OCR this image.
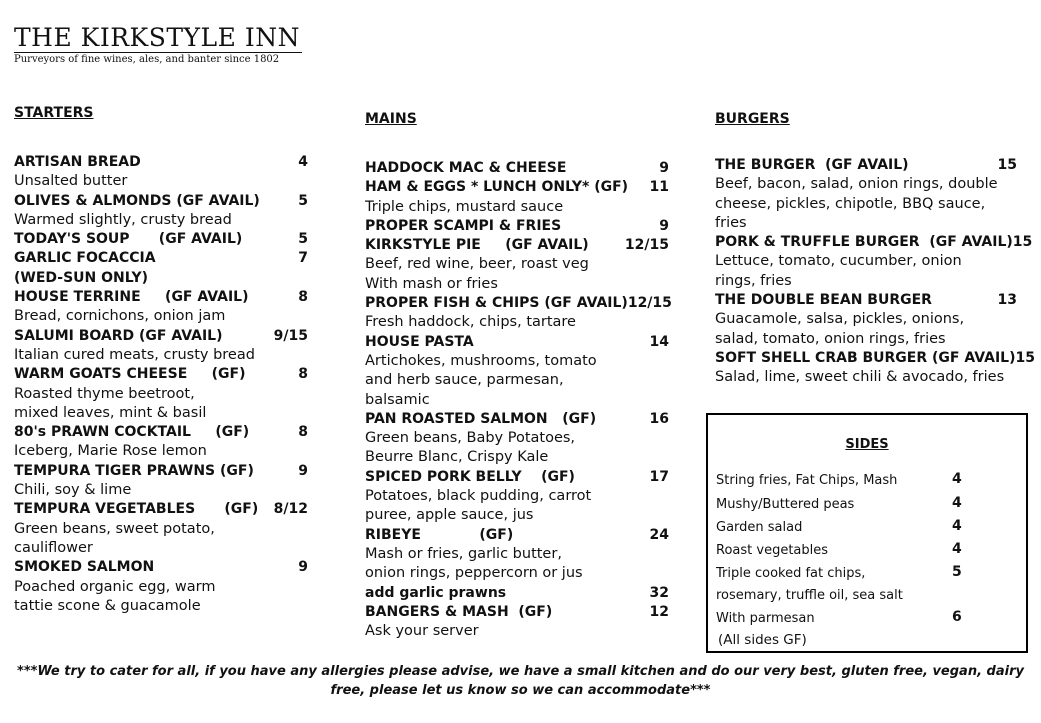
THE KIRKSTYLE INN
Purveyors of fine wines, ales, and banter since 1802
STARTERS
ARTISAN BREAD	4
Unsalted butter
OLIVES & ALMONDS (GF AVAIL)	5
Warmed slightly, crusty bread
TODAY'S SOUP      (GF AVAIL)	5
GARLIC FOCACCIA	7
(WED-SUN ONLY)
HOUSE TERRINE     (GF AVAIL)	8
Bread, cornichons, onion jam
SALUMI BOARD (GF AVAIL)	9/15
Italian cured meats, crusty bread
WARM GOATS CHEESE     (GF)	8
Roasted thyme beetroot,
mixed leaves, mint & basil
80's PRAWN COCKTAIL     (GF)	8
Iceberg, Marie Rose lemon
TEMPURA TIGER PRAWNS (GF)	9
Chili, soy & lime
TEMPURA VEGETABLES      (GF) 8/12
Green beans, sweet potato,
cauliflower
SMOKED SALMON	9
Poached organic egg, warm
tattie scone & guacamole
MAINS
HADDOCK MAC & CHEESE	9
HAM & EGGS * LUNCH ONLY* (GF) 11
Triple chips, mustard sauce
PROPER SCAMPI & FRIES	9
KIRKSTYLE PIE     (GF AVAIL)	12/15
Beef, red wine, beer, roast veg
With mash or fries
PROPER FISH & CHIPS (GF AVAIL) 12/15
Fresh haddock, chips, tartare
HOUSE PASTA	14
Artichokes, mushrooms, tomato
and herb sauce, parmesan,
balsamic
PAN ROASTED SALMON   (GF)	16
Green beans, Baby Potatoes,
Beurre Blanc, Crispy Kale
SPICED PORK BELLY    (GF)	17
Potatoes, black pudding, carrot
puree, apple sauce, jus
RIBEYE            (GF)	24
Mash or fries, garlic butter,
onion rings, peppercorn or jus
add garlic prawns	32
BANGERS & MASH  (GF)	12
Ask your server
BURGERS
THE BURGER  (GF AVAIL)	15
Beef, bacon, salad, onion rings, double
cheese, pickles, chipotle, BBQ sauce,
fries
PORK & TRUFFLE BURGER  (GF AVAIL) 15
Lettuce, tomato, cucumber, onion
rings, fries
THE DOUBLE BEAN BURGER	13
Guacamole, salsa, pickles, onions,
salad, tomato, onion rings, fries
SOFT SHELL CRAB BURGER (GF AVAIL) 15
Salad, lime, sweet chili & avocado, fries
SIDES
(All sides GF)
String fries, Fat Chips, Mash	4
Mushy/Buttered peas	4
Garden salad	4
Roast vegetables	4
Triple cooked fat chips,	5
rosemary, truffle oil, sea salt
With parmesan	6
***We try to cater for all, if you have any allergies please advise, we have a small kitchen and do our very best, gluten free, vegan, dairy free, please let us know so we can accommodate***
